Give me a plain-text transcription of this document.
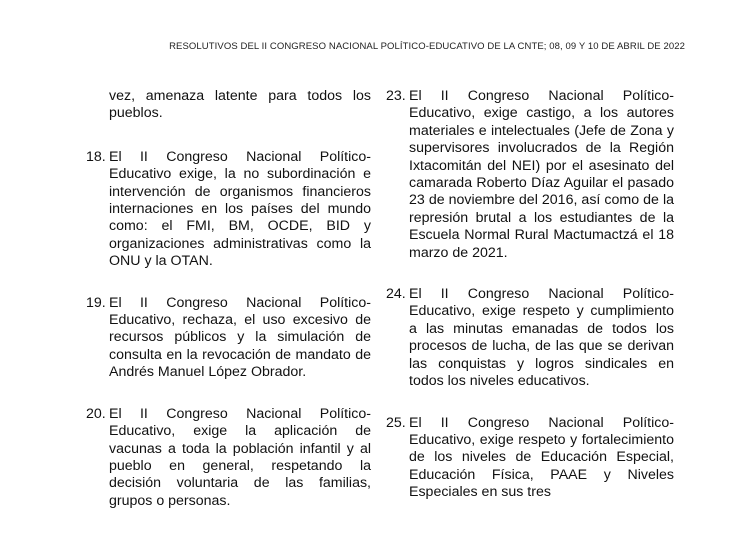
RESOLUTIVOS DEL II CONGRESO NACIONAL POLÍTICO-EDUCATIVO DE LA CNTE; 08, 09 Y 10 DE ABRIL DE 2022
vez, amenaza latente para todos los pueblos.
18. El II Congreso Nacional Político-Educativo exige, la no subordinación e intervención de organismos financieros internaciones en los países del mundo como: el FMI, BM, OCDE, BID y organizaciones administrativas como la ONU y la OTAN.
19. El II Congreso Nacional Político-Educativo, rechaza, el uso excesivo de recursos públicos y la simulación de consulta en la revocación de mandato de Andrés Manuel López Obrador.
20. El II Congreso Nacional Político-Educativo, exige la aplicación de vacunas a toda la población infantil y al pueblo en general, respetando la decisión voluntaria de las familias, grupos o personas.
23. El II Congreso Nacional Político-Educativo, exige castigo, a los autores materiales e intelectuales (Jefe de Zona y supervisores involucrados de la Región Ixtacomitán del NEI) por el asesinato del camarada Roberto Díaz Aguilar el pasado 23 de noviembre del 2016, así como de la represión brutal a los estudiantes de la Escuela Normal Rural Mactumactzá el 18 marzo de 2021.
24. El II Congreso Nacional Político-Educativo, exige respeto y cumplimiento a las minutas emanadas de todos los procesos de lucha, de las que se derivan las conquistas y logros sindicales en todos los niveles educativos.
25. El II Congreso Nacional Político-Educativo, exige respeto y fortalecimiento de los niveles de Educación Especial, Educación Física, PAAE y Niveles Especiales en sus tres
